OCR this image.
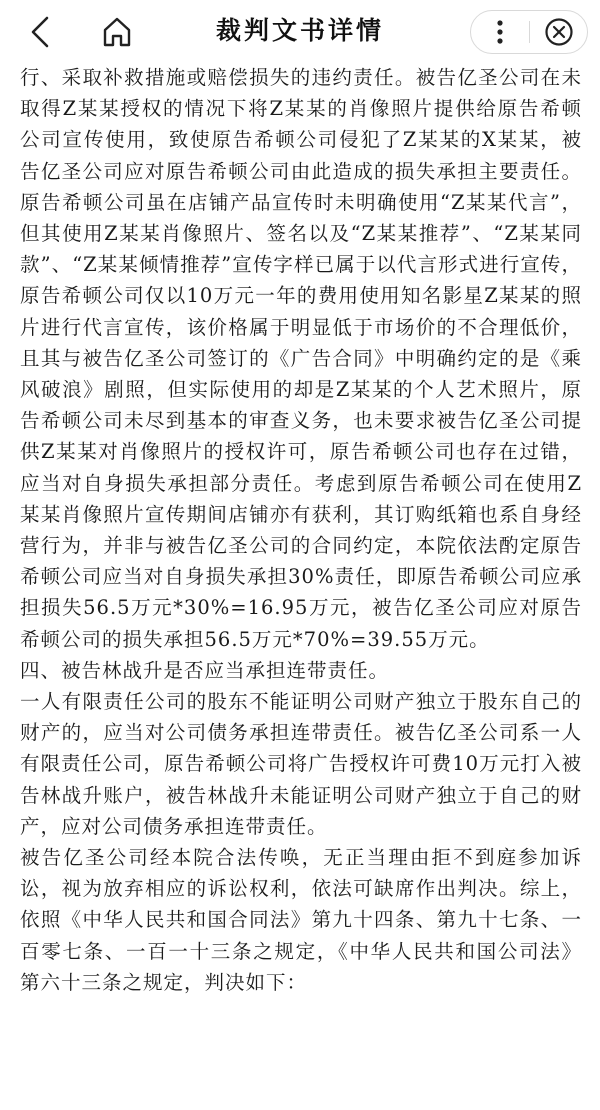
裁判文书详情

行、采取补救措施或赔偿损失的违约责任。被告亿圣公司在未取得Z某某授权的情况下将Z某某的肖像照片提供给原告希顿公司宣传使用，致使原告希顿公司侵犯了Z某某的X某某，被告亿圣公司应对原告希顿公司由此造成的损失承担主要责任。原告希顿公司虽在店铺产品宣传时未明确使用“Z某某代言”，但其使用Z某某肖像照片、签名以及“Z某某推荐”、“Z某某同款”、“Z某某倾情推荐”宣传字样已属于以代言形式进行宣传，原告希顿公司仅以10万元一年的费用使用知名影星Z某某的照片进行代言宣传，该价格属于明显低于市场价的不合理低价，且其与被告亿圣公司签订的《广告合同》中明确约定的是《乘风破浪》剧照，但实际使用的却是Z某某的个人艺术照片，原告希顿公司未尽到基本的审查义务，也未要求被告亿圣公司提供Z某某对肖像照片的授权许可，原告希顿公司也存在过错，应当对自身损失承担部分责任。考虑到原告希顿公司在使用Z某某肖像照片宣传期间店铺亦有获利，其订购纸箱也系自身经营行为，并非与被告亿圣公司的合同约定，本院依法酌定原告希顿公司应当对自身损失承担30%责任，即原告希顿公司应承担损失56.5万元*30%=16.95万元，被告亿圣公司应对原告希顿公司的损失承担56.5万元*70%=39.55万元。

四、被告林战升是否应当承担连带责任。

一人有限责任公司的股东不能证明公司财产独立于股东自己的财产的，应当对公司债务承担连带责任。被告亿圣公司系一人有限责任公司，原告希顿公司将广告授权许可费10万元打入被告林战升账户，被告林战升未能证明公司财产独立于自己的财产，应对公司债务承担连带责任。

被告亿圣公司经本院合法传唤，无正当理由拒不到庭参加诉讼，视为放弃相应的诉讼权利，依法可缺席作出判决。综上，依照《中华人民共和国合同法》第九十四条、第九十七条、一百零七条、一百一十三条之规定，《中华人民共和国公司法》第六十三条之规定，判决如下：
